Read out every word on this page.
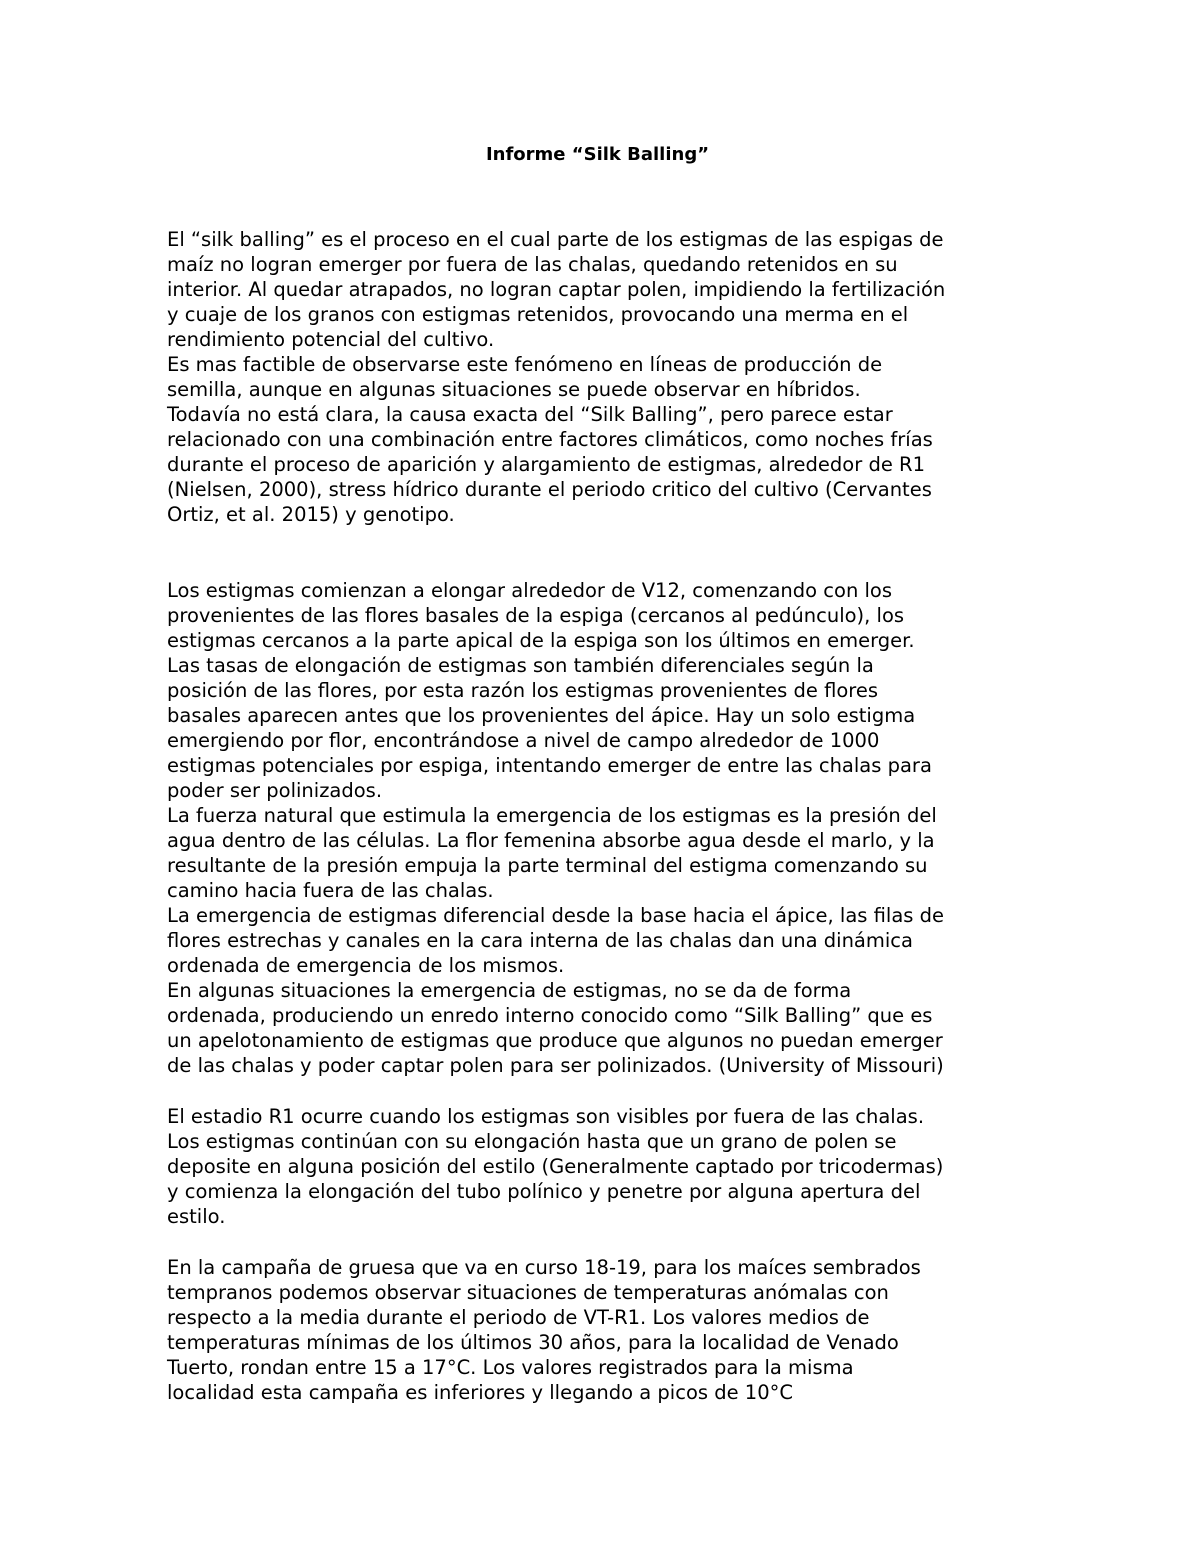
Informe “Silk Balling”
El “silk balling” es el proceso en el cual parte de los estigmas de las espigas de
maíz no logran emerger por fuera de las chalas, quedando retenidos en su
interior. Al quedar atrapados, no logran captar polen, impidiendo la fertilización
y cuaje de los granos con estigmas retenidos, provocando una merma en el
rendimiento potencial del cultivo.
Es mas factible de observarse este fenómeno en líneas de producción de
semilla, aunque en algunas situaciones se puede observar en híbridos.
Todavía no está clara, la causa exacta del “Silk Balling”, pero parece estar
relacionado con una combinación entre factores climáticos, como noches frías
durante el proceso de aparición y alargamiento de estigmas, alrededor de R1
(Nielsen, 2000), stress hídrico durante el periodo critico del cultivo (Cervantes
Ortiz, et al. 2015) y genotipo.
Los estigmas comienzan a elongar alrededor de V12, comenzando con los
provenientes de las flores basales de la espiga (cercanos al pedúnculo), los
estigmas cercanos a la parte apical de la espiga son los últimos en emerger.
Las tasas de elongación de estigmas son también diferenciales según la
posición de las flores, por esta razón los estigmas provenientes de flores
basales aparecen antes que los provenientes del ápice. Hay un solo estigma
emergiendo por flor, encontrándose a nivel de campo alrededor de 1000
estigmas potenciales por espiga, intentando emerger de entre las chalas para
poder ser polinizados.
La fuerza natural que estimula la emergencia de los estigmas es la presión del
agua dentro de las células. La flor femenina absorbe agua desde el marlo, y la
resultante de la presión empuja la parte terminal del estigma comenzando su
camino hacia fuera de las chalas.
La emergencia de estigmas diferencial desde la base hacia el ápice, las filas de
flores estrechas y canales en la cara interna de las chalas dan una dinámica
ordenada de emergencia de los mismos.
En algunas situaciones la emergencia de estigmas, no se da de forma
ordenada, produciendo un enredo interno conocido como “Silk Balling” que es
un apelotonamiento de estigmas que produce que algunos no puedan emerger
de las chalas y poder captar polen para ser polinizados. (University of Missouri)
El estadio R1 ocurre cuando los estigmas son visibles por fuera de las chalas.
Los estigmas continúan con su elongación hasta que un grano de polen se
deposite en alguna posición del estilo (Generalmente captado por tricodermas)
y comienza la elongación del tubo polínico y penetre por alguna apertura del
estilo.
En la campaña de gruesa que va en curso 18-19, para los maíces sembrados
tempranos podemos observar situaciones de temperaturas anómalas con
respecto a la media durante el periodo de VT-R1. Los valores medios de
temperaturas mínimas de los últimos 30 años, para la localidad de Venado
Tuerto, rondan entre 15 a 17°C. Los valores registrados para la misma
localidad esta campaña es inferiores y llegando a picos de 10°C
